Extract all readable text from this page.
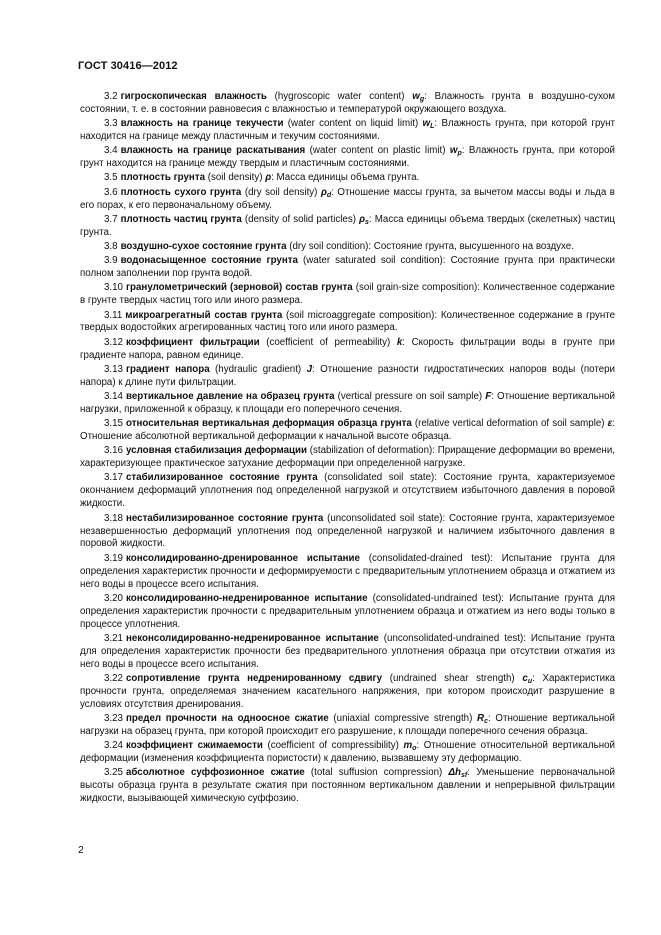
ГОСТ 30416—2012

3.2 гигроскопическая влажность (hygroscopic water content) $w_g$: Влажность грунта в воздушно-сухом состоянии, т. е. в состоянии равновесия с влажностью и температурой окружающего воздуха.

3.3 влажность на границе текучести (water content on liquid limit) $w_L$: Влажность грунта, при которой грунт находится на границе между пластичным и текучим состояниями.

3.4 влажность на границе раскатывания (water content on plastic limit) $w_p$: Влажность грунта, при которой грунт находится на границе между твердым и пластичным состояниями.

3.5 плотность грунта (soil density) ρ: Масса единицы объема грунта.

3.6 плотность сухого грунта (dry soil density) $\rho_d$: Отношение массы грунта, за вычетом массы воды и льда в его порах, к его первоначальному объему.

3.7 плотность частиц грунта (density of solid particles) $\rho_s$: Масса единицы объема твердых (скелетных) частиц грунта.

3.8 воздушно-сухое состояние грунта (dry soil condition): Состояние грунта, высушенного на воздухе.

3.9 водонасыщенное состояние грунта (water saturated soil condition): Состояние грунта при практически полном заполнении пор грунта водой.

3.10 гранулометрический (зерновой) состав грунта (soil grain-size composition): Количественное содержание в грунте твердых частиц того или иного размера.

3.11 микроагрегатный состав грунта (soil microaggregate composition): Количественное содержание в грунте твердых водостойких агрегированных частиц того или иного размера.

3.12 коэффициент фильтрации (coefficient of permeability) k: Скорость фильтрации воды в грунте при градиенте напора, равном единице.

3.13 градиент напора (hydraulic gradient) J: Отношение разности гидростатических напоров воды (потери напора) к длине пути фильтрации.

3.14 вертикальное давление на образец грунта (vertical pressure on soil sample) F: Отношение вертикальной нагрузки, приложенной к образцу, к площади его поперечного сечения.

3.15 относительная вертикальная деформация образца грунта (relative vertical deformation of soil sample) ε: Отношение абсолютной вертикальной деформации к начальной высоте образца.

3.16 условная стабилизация деформации (stabilization of deformation): Приращение деформации во времени, характеризующее практическое затухание деформации при определенной нагрузке.

3.17 стабилизированное состояние грунта (consolidated soil state): Состояние грунта, характеризуемое окончанием деформаций уплотнения под определенной нагрузкой и отсутствием избыточного давления в поровой жидкости.

3.18 нестабилизированное состояние грунта (unconsolidated soil state): Состояние грунта, характеризуемое незавершенностью деформаций уплотнения под определенной нагрузкой и наличием избыточного давления в поровой жидкости.

3.19 консолидированно-дренированное испытание (consolidated-drained test): Испытание грунта для определения характеристик прочности и деформируемости с предварительным уплотнением образца и отжатием из него воды в процессе всего испытания.

3.20 консолидированно-недренированное испытание (consolidated-undrained test): Испытание грунта для определения характеристик прочности с предварительным уплотнением образца и отжатием из него воды только в процессе уплотнения.

3.21 неконсолидированно-недренированное испытание (unconsolidated-undrained test): Испытание грунта для определения характеристик прочности без предварительного уплотнения образца при отсутствии отжатия из него воды в процессе всего испытания.

3.22 сопротивление грунта недренированному сдвигу (undrained shear strength) $c_u$: Характеристика прочности грунта, определяемая значением касательного напряжения, при котором происходит разрушение в условиях отсутствия дренирования.

3.23 предел прочности на одноосное сжатие (uniaxial compressive strength) $R_c$: Отношение вертикальной нагрузки на образец грунта, при которой происходит его разрушение, к площади поперечного сечения образца.

3.24 коэффициент сжимаемости (coefficient of compressibility) $m_o$: Отношение относительной вертикальной деформации (изменения коэффициента пористости) к давлению, вызвавшему эту деформацию.

3.25 абсолютное суффозионное сжатие (total suffusion compression) $\Delta h_{sf}$: Уменьшение первоначальной высоты образца грунта в результате сжатия при постоянном вертикальном давлении и непрерывной фильтрации жидкости, вызывающей химическую суффозию.

2
